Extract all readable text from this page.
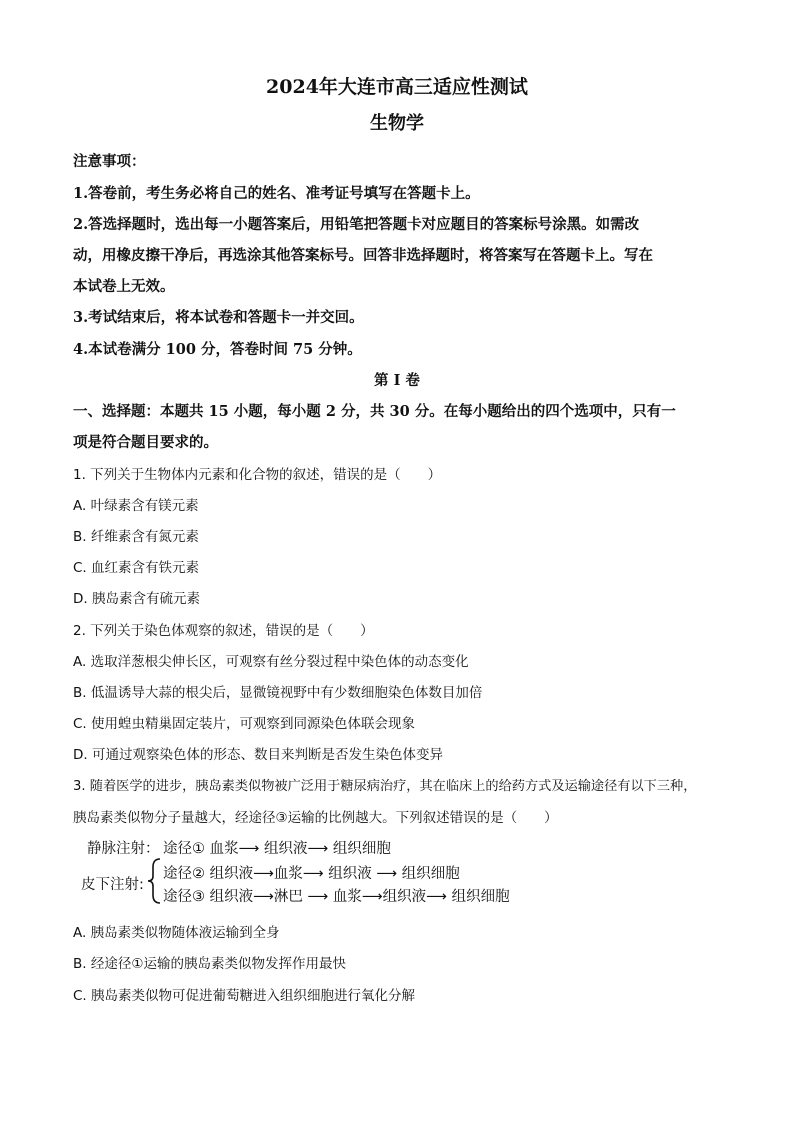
2024年大连市高三适应性测试
生物学
注意事项：
1.答卷前，考生务必将自己的姓名、准考证号填写在答题卡上。
2.答选择题时，选出每一小题答案后，用铅笔把答题卡对应题目的答案标号涂黑。如需改
动，用橡皮擦干净后，再选涂其他答案标号。回答非选择题时，将答案写在答题卡上。写在
本试卷上无效。
3.考试结束后，将本试卷和答题卡一并交回。
4.本试卷满分 100 分，答卷时间 75 分钟。
第 I 卷
一、选择题：本题共 15 小题，每小题 2 分，共 30 分。在每小题给出的四个选项中，只有一
项是符合题目要求的。
1. 下列关于生物体内元素和化合物的叙述，错误的是（　　）
A. 叶绿素含有镁元素
B. 纤维素含有氮元素
C. 血红素含有铁元素
D. 胰岛素含有硫元素
2. 下列关于染色体观察的叙述，错误的是（　　）
A. 选取洋葱根尖伸长区，可观察有丝分裂过程中染色体的动态变化
B. 低温诱导大蒜的根尖后，显微镜视野中有少数细胞染色体数目加倍
C. 使用蝗虫精巢固定装片，可观察到同源染色体联会现象
D. 可通过观察染色体的形态、数目来判断是否发生染色体变异
3. 随着医学的进步，胰岛素类似物被广泛用于糖尿病治疗，其在临床上的给药方式及运输途径有以下三种，
胰岛素类似物分子量越大，经途径③运输的比例越大。下列叙述错误的是（　　）
静脉注射： 途径① 血浆⟶ 组织液⟶ 组织细胞
皮下注射:
途径② 组织液⟶血浆⟶ 组织液 ⟶ 组织细胞
途径③ 组织液⟶淋巴 ⟶ 血浆⟶组织液⟶ 组织细胞
A. 胰岛素类似物随体液运输到全身
B. 经途径①运输的胰岛素类似物发挥作用最快
C. 胰岛素类似物可促进葡萄糖进入组织细胞进行氧化分解
